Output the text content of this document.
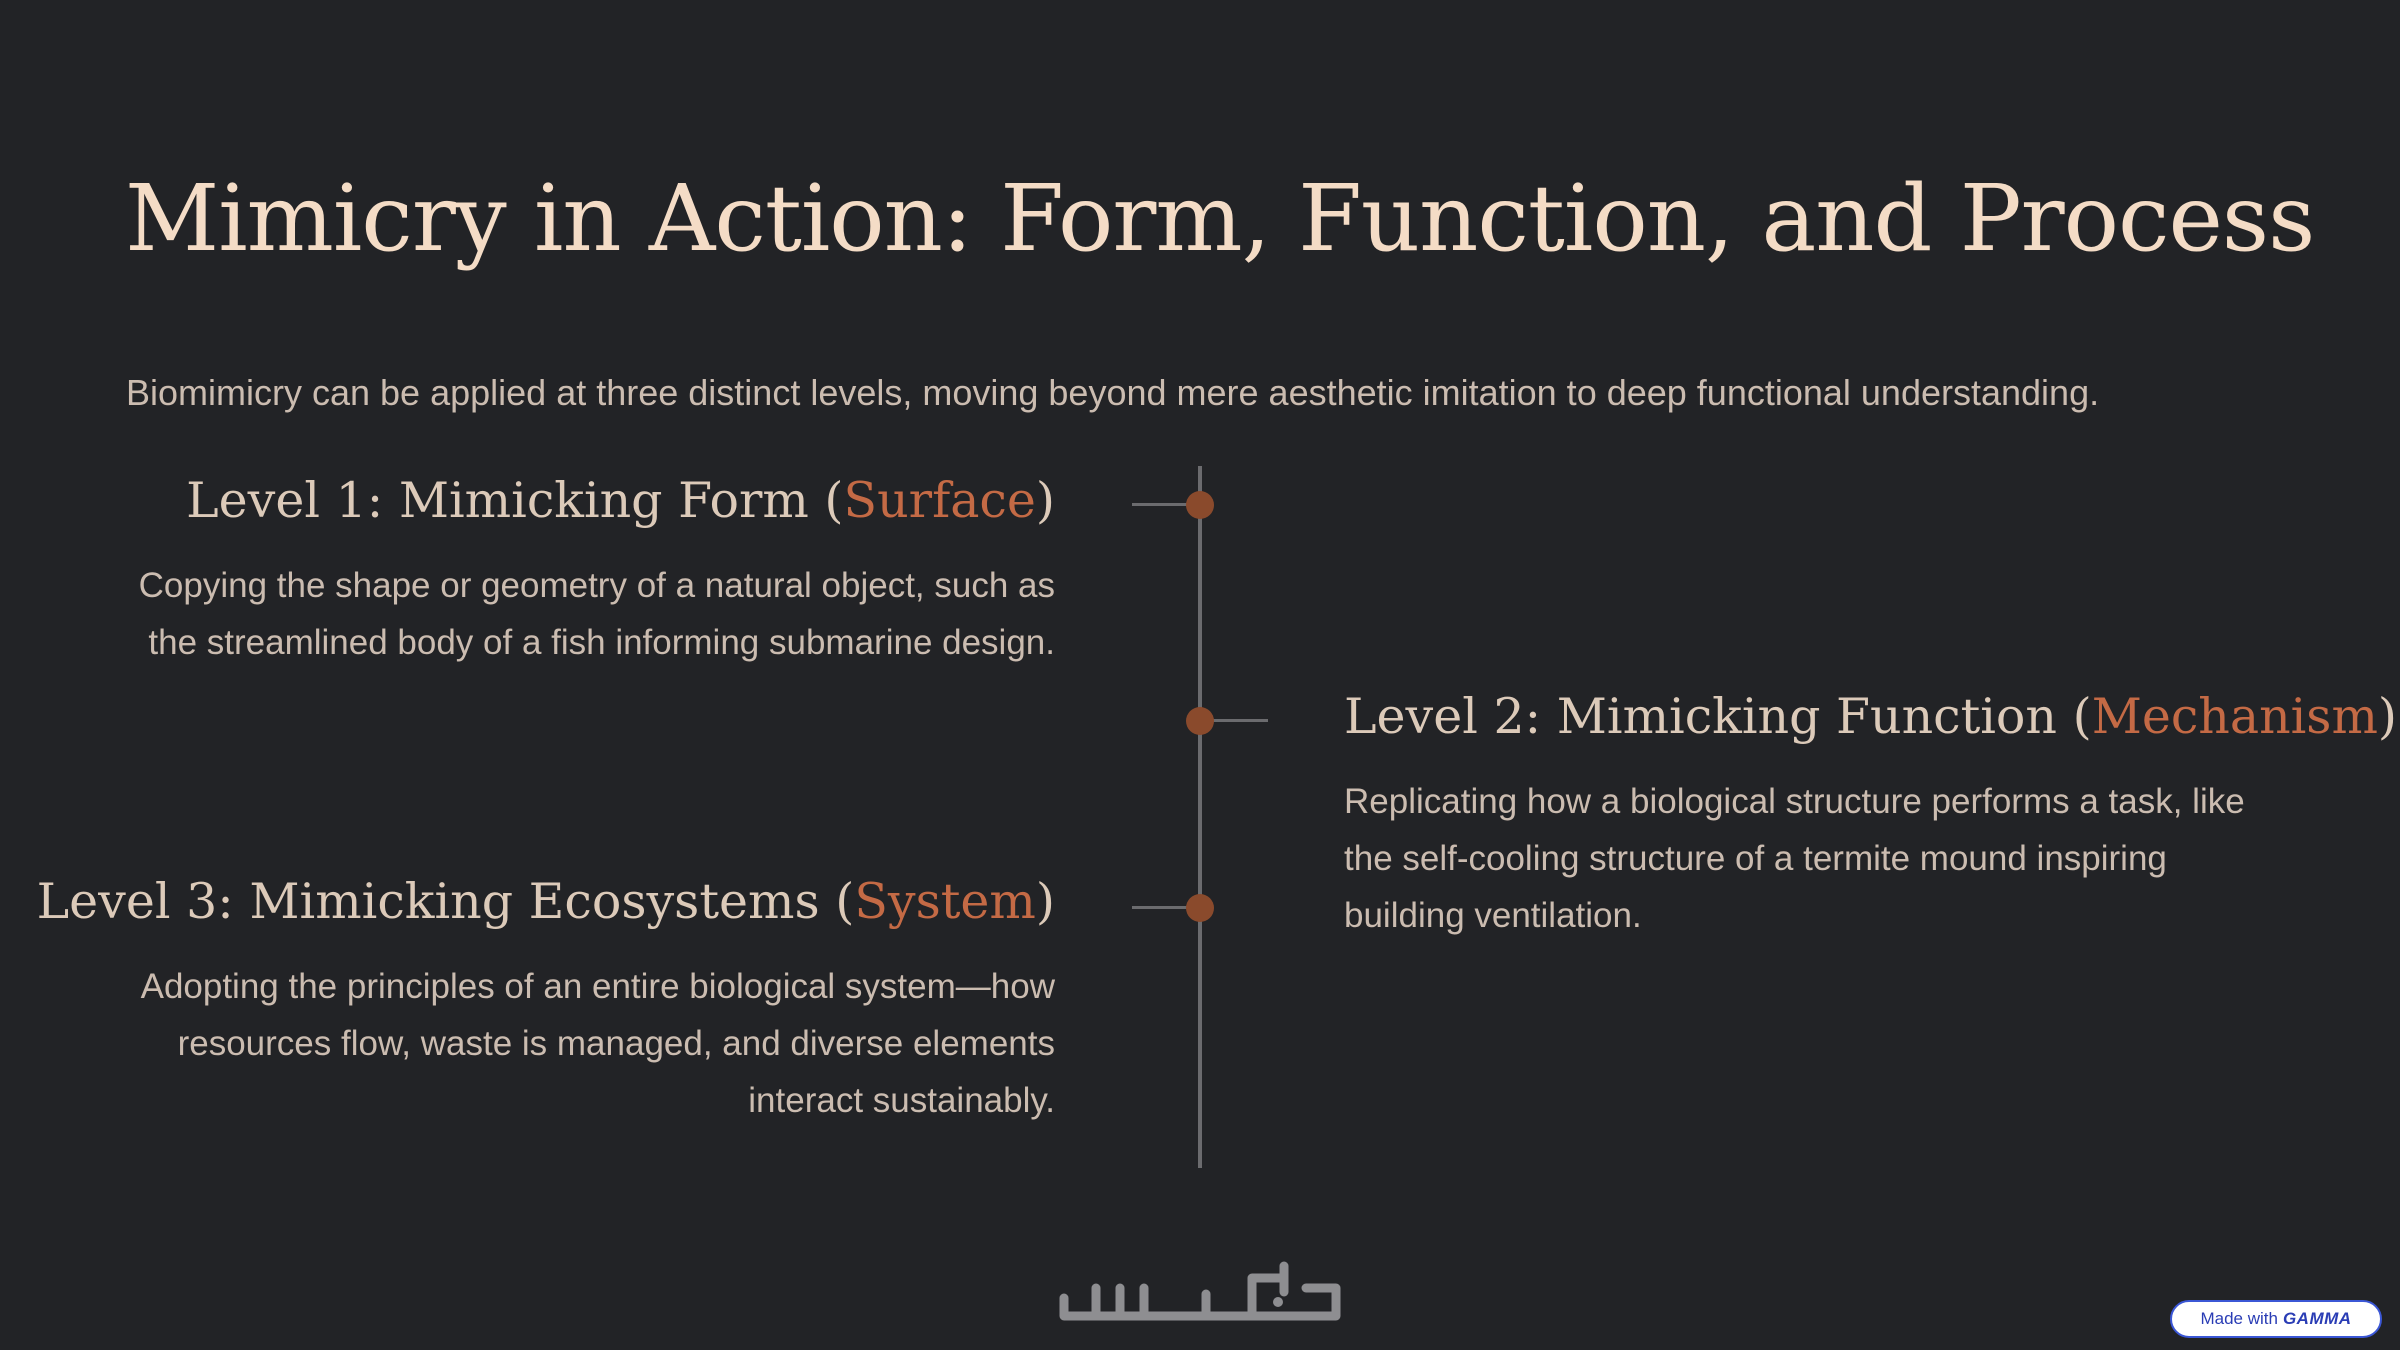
Mimicry in Action: Form, Function, and Process

Biomimicry can be applied at three distinct levels, moving beyond mere aesthetic imitation to deep functional understanding.

Level 1: Mimicking Form (Surface)

Copying the shape or geometry of a natural object, such as the streamlined body of a fish informing submarine design.

Level 2: Mimicking Function (Mechanism)

Replicating how a biological structure performs a task, like the self-cooling structure of a termite mound inspiring building ventilation.

Level 3: Mimicking Ecosystems (System)

Adopting the principles of an entire biological system—how resources flow, waste is managed, and diverse elements interact sustainably.

Made with GAMMA
